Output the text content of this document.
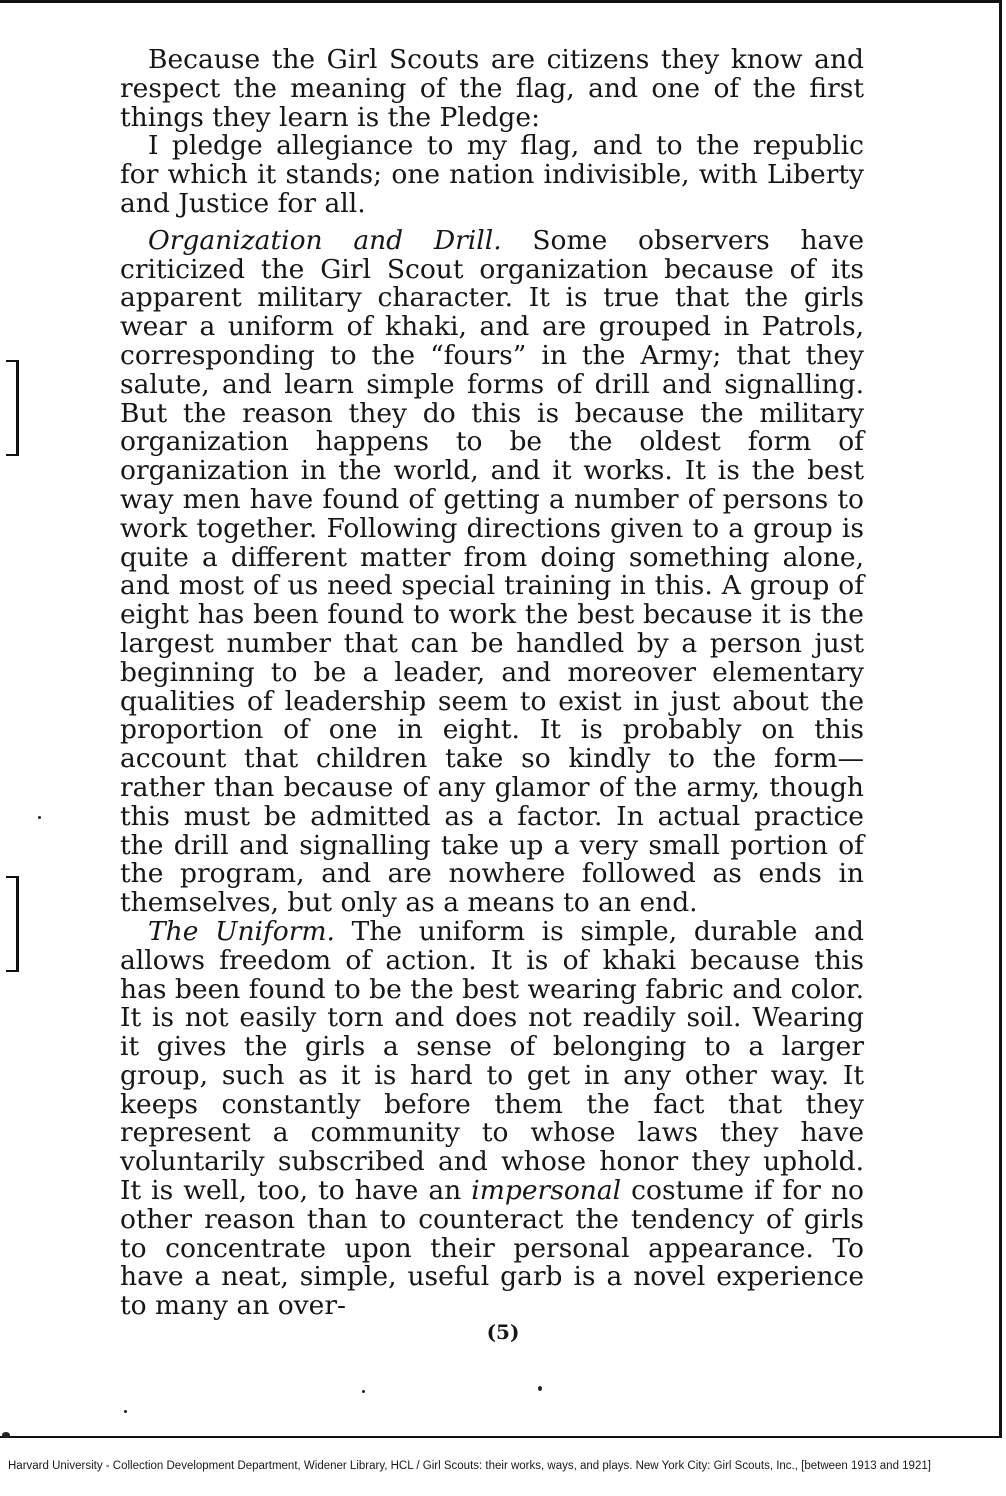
Because the Girl Scouts are citizens they know and respect the meaning of the flag, and one of the first things they learn is the Pledge:

I pledge allegiance to my flag, and to the republic for which it stands; one nation indivisible, with Liberty and Justice for all.

Organization and Drill. Some observers have criticized the Girl Scout organization because of its apparent military character. It is true that the girls wear a uniform of khaki, and are grouped in Patrols, corresponding to the “fours” in the Army; that they salute, and learn simple forms of drill and signalling. But the reason they do this is because the military organization happens to be the oldest form of organization in the world, and it works. It is the best way men have found of getting a number of persons to work together. Following directions given to a group is quite a different matter from doing something alone, and most of us need special training in this. A group of eight has been found to work the best because it is the largest number that can be handled by a person just beginning to be a leader, and moreover elementary qualities of leadership seem to exist in just about the proportion of one in eight. It is probably on this account that children take so kindly to the form—rather than because of any glamor of the army, though this must be admitted as a factor. In actual practice the drill and signalling take up a very small portion of the program, and are nowhere followed as ends in themselves, but only as a means to an end.

The Uniform. The uniform is simple, durable and allows freedom of action. It is of khaki because this has been found to be the best wearing fabric and color. It is not easily torn and does not readily soil. Wearing it gives the girls a sense of belonging to a larger group, such as it is hard to get in any other way. It keeps constantly before them the fact that they represent a community to whose laws they have voluntarily subscribed and whose honor they uphold. It is well, too, to have an impersonal costume if for no other reason than to counteract the tendency of girls to concentrate upon their personal appearance. To have a neat, simple, useful garb is a novel experience to many an over-

(5)
Harvard University - Collection Development Department, Widener Library, HCL / Girl Scouts: their works, ways, and plays. New York City: Girl Scouts, Inc., [between 1913 and 1921]
